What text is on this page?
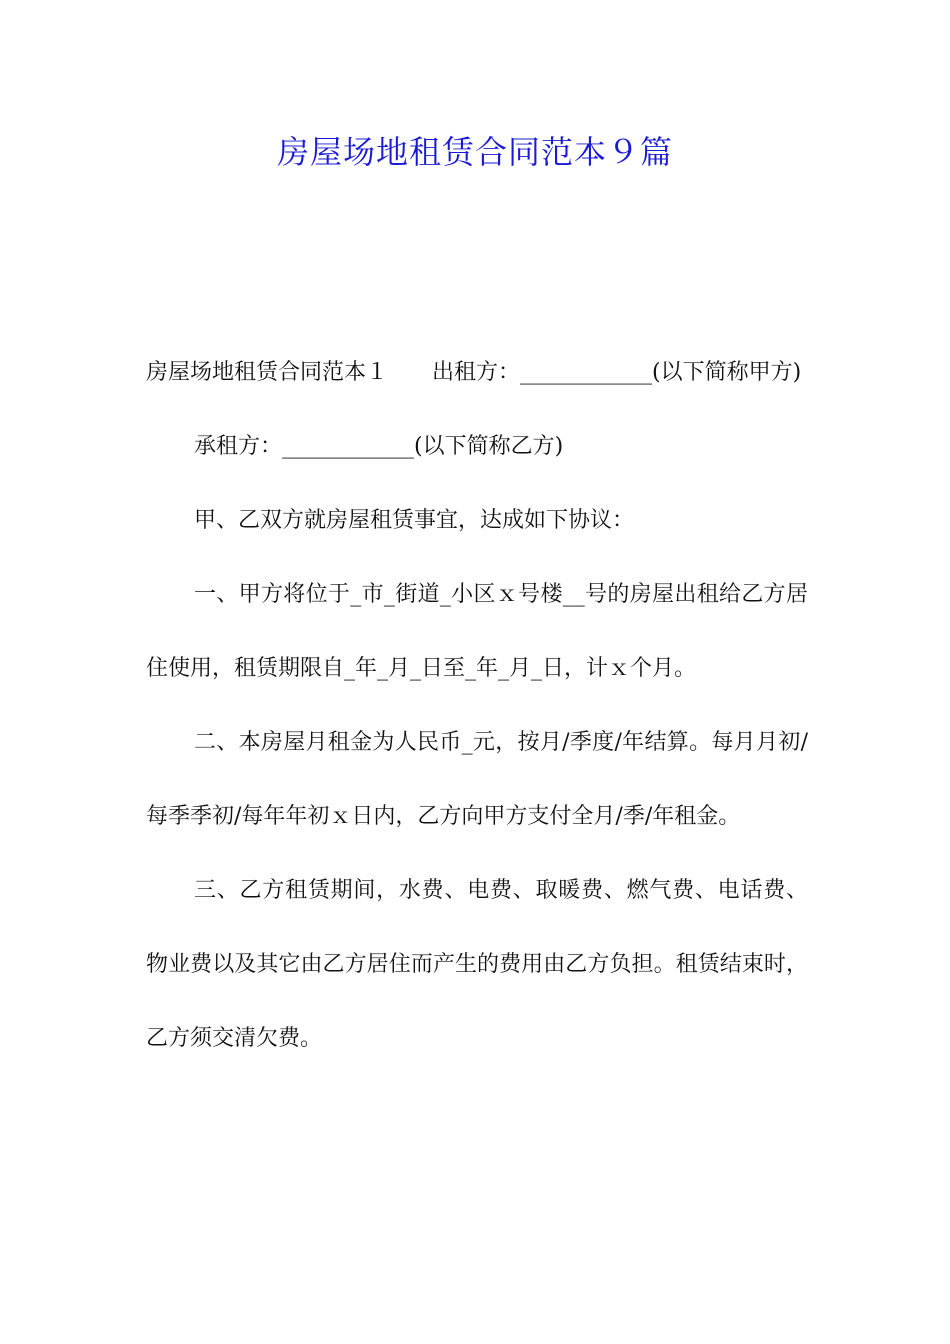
房屋场地租赁合同范本９篇

房屋场地租赁合同范本１　　出租方：____________(以下简称甲方)

承租方：____________(以下简称乙方)

甲、乙双方就房屋租赁事宜，达成如下协议：

一、甲方将位于_市_街道_小区ｘ号楼__号的房屋出租给乙方居住使用，租赁期限自_年_月_日至_年_月_日，计ｘ个月。

二、本房屋月租金为人民币_元，按月/季度/年结算。每月月初/每季季初/每年年初ｘ日内，乙方向甲方支付全月/季/年租金。

三、乙方租赁期间，水费、电费、取暖费、燃气费、电话费、物业费以及其它由乙方居住而产生的费用由乙方负担。租赁结束时，乙方须交清欠费。
